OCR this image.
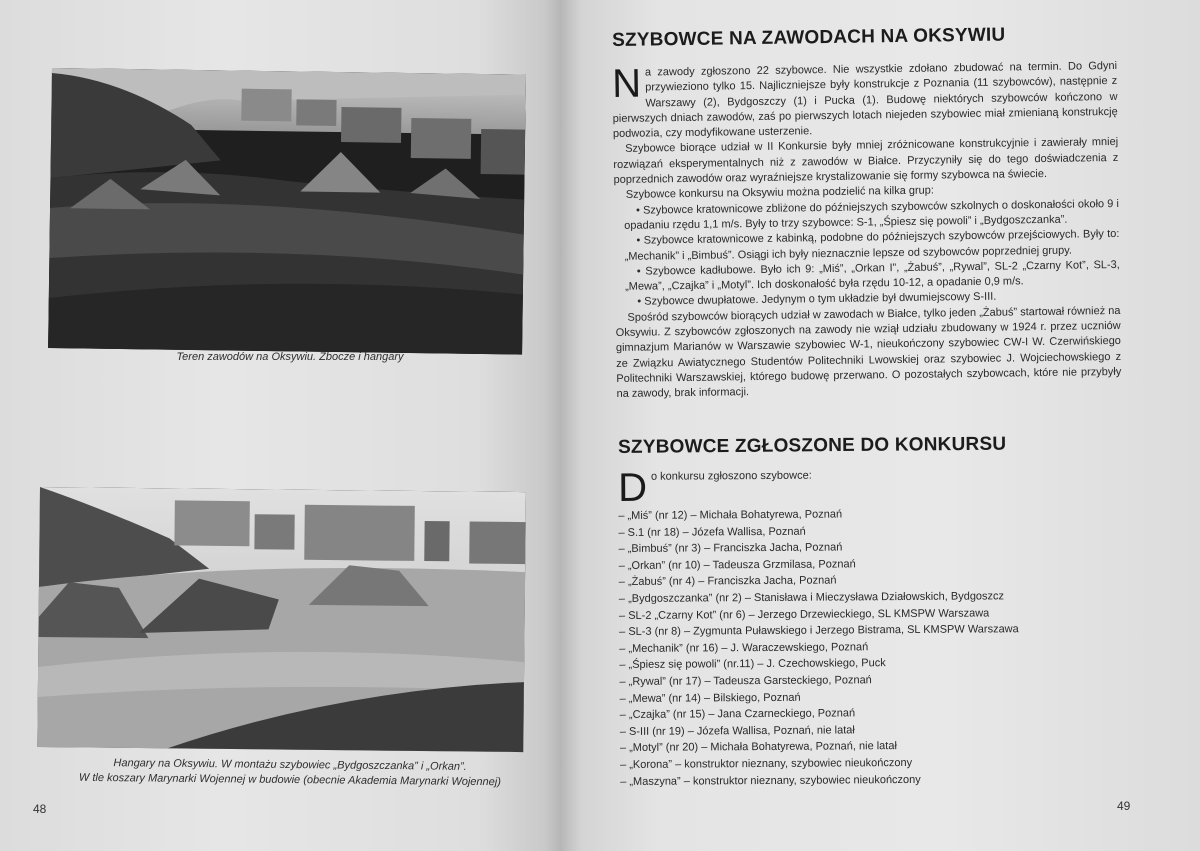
Teren zawodów na Oksywiu. Zbocze i hangary
Hangary na Oksywiu. W montażu szybowiec „Bydgoszczanka” i „Orkan”.
W tle koszary Marynarki Wojennej w budowie (obecnie Akademia Marynarki Wojennej)
48
SZYBOWCE NA ZAWODACH NA OKSYWIU

Na zawody zgłoszono 22 szybowce. Nie wszystkie zdołano zbudować na termin. Do Gdyni przywieziono tylko 15. Najliczniejsze były konstrukcje z Poznania (11 szybowców), następnie z Warszawy (2), Bydgoszczy (1) i Pucka (1). Budowę niektórych szybowców kończono w pierwszych dniach zawodów, zaś po pierwszych lotach niejeden szybowiec miał zmienianą konstrukcję podwozia, czy modyfikowane usterzenie.

Szybowce biorące udział w II Konkursie były mniej zróżnicowane konstrukcyjnie i zawierały mniej rozwiązań eksperymentalnych niż z zawodów w Białce. Przyczyniły się do tego doświadczenia z poprzednich zawodów oraz wyraźniejsze krystalizowanie się formy szybowca na świecie.

Szybowce konkursu na Oksywiu można podzielić na kilka grup:

• Szybowce kratownicowe zbliżone do późniejszych szybowców szkolnych o doskonałości około 9 i opadaniu rzędu 1,1 m/s. Były to trzy szybowce: S-1, „Śpiesz się powoli” i „Bydgoszczanka”.

• Szybowce kratownicowe z kabinką, podobne do późniejszych szybowców przejściowych. Były to: „Mechanik” i „Bimbuś”. Osiągi ich były nieznacznie lepsze od szybowców poprzedniej grupy.

• Szybowce kadłubowe. Było ich 9: „Miś”, „Orkan I”, „Żabuś”, „Rywal”, SL-2 „Czarny Kot”, SL-3, „Mewa”, „Czajka” i „Motyl”. Ich doskonałość była rzędu 10-12, a opadanie 0,9 m/s.

• Szybowce dwupłatowe. Jedynym o tym układzie był dwumiejscowy S-III.

Spośród szybowców biorących udział w zawodach w Białce, tylko jeden „Żabuś” startował również na Oksywiu. Z szybowców zgłoszonych na zawody nie wziął udziału zbudowany w 1924 r. przez uczniów gimnazjum Marianów w Warszawie szybowiec W-1, nieukończony szybowiec CW-I W. Czerwińskiego ze Związku Awiatycznego Studentów Politechniki Lwowskiej oraz szybowiec J. Wojciechowskiego z Politechniki Warszawskiej, którego budowę przerwano. O pozostałych szybowcach, które nie przybyły na zawody, brak informacji.

SZYBOWCE ZGŁOSZONE DO KONKURSU

Do konkursu zgłoszono szybowce:

– „Miś” (nr 12) – Michała Bohatyrewa, Poznań

– S.1 (nr 18) – Józefa Wallisa, Poznań

– „Bimbuś” (nr 3) – Franciszka Jacha, Poznań

– „Orkan” (nr 10) – Tadeusza Grzmilasa, Poznań

– „Żabuś” (nr 4) – Franciszka Jacha, Poznań

– „Bydgoszczanka” (nr 2) – Stanisława i Mieczysława Działowskich, Bydgoszcz

– SL-2 „Czarny Kot” (nr 6) – Jerzego Drzewieckiego, SL KMSPW Warszawa

– SL-3 (nr 8) – Zygmunta Puławskiego i Jerzego Bistrama, SL KMSPW Warszawa

– „Mechanik” (nr 16) – J. Waraczewskiego, Poznań

– „Śpiesz się powoli” (nr.11) – J. Czechowskiego, Puck

– „Rywal” (nr 17) – Tadeusza Garsteckiego, Poznań

– „Mewa” (nr 14) – Bilskiego, Poznań

– „Czajka” (nr 15) – Jana Czarneckiego, Poznań

– S-III (nr 19) – Józefa Wallisa, Poznań, nie latał

– „Motyl” (nr 20) – Michała Bohatyrewa, Poznań, nie latał

– „Korona” – konstruktor nieznany, szybowiec nieukończony

– „Maszyna” – konstruktor nieznany, szybowiec nieukończony

49
